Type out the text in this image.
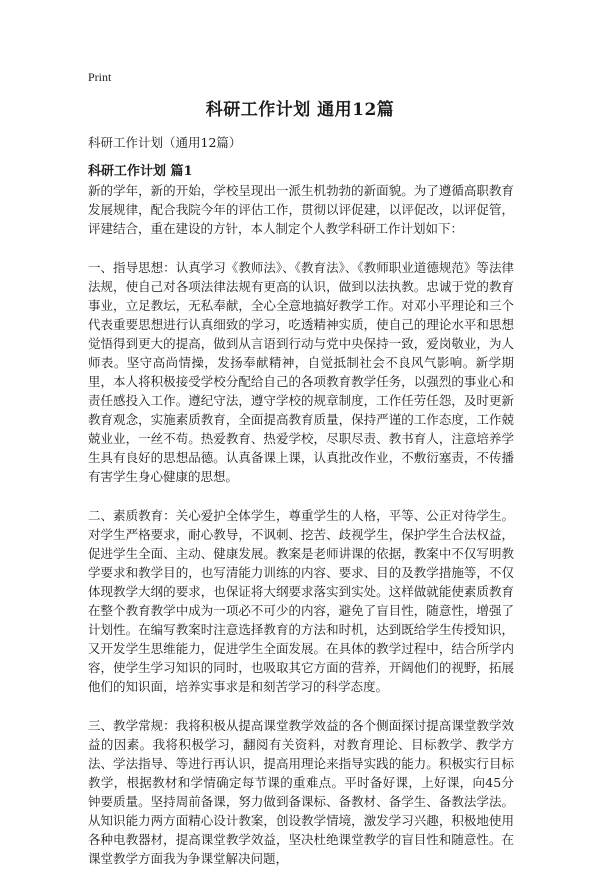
Print
科研工作计划 通用12篇

科研工作计划（通用12篇）

科研工作计划 篇1

新的学年，新的开始，学校呈现出一派生机勃勃的新面貌。为了遵循高职教育发展规律，配合我院今年的评估工作，贯彻以评促建，以评促改，以评促管，评建结合，重在建设的方针，本人制定个人教学科研工作计划如下：

一、指导思想：认真学习《教师法》、《教育法》、《教师职业道德规范》等法律法规，使自己对各项法律法规有更高的认识，做到以法执教。忠诚于党的教育事业，立足教坛，无私奉献，全心全意地搞好教学工作。对邓小平理论和三个代表重要思想进行认真细致的学习，吃透精神实质，使自己的理论水平和思想觉悟得到更大的提高，做到从言语到行动与党中央保持一致，爱岗敬业，为人师表。坚守高尚情操，发扬奉献精神，自觉抵制社会不良风气影响。新学期里，本人将积极接受学校分配给自己的各项教育教学任务，以强烈的事业心和责任感投入工作。遵纪守法，遵守学校的规章制度，工作任劳任怨，及时更新教育观念，实施素质教育，全面提高教育质量，保持严谨的工作态度，工作兢兢业业，一丝不苟。热爱教育、热爱学校，尽职尽责、教书育人，注意培养学生具有良好的思想品德。认真备课上课，认真批改作业，不敷衍塞责，不传播有害学生身心健康的思想。

二、素质教育：关心爱护全体学生，尊重学生的人格，平等、公正对待学生。对学生严格要求，耐心教导，不讽刺、挖苦、歧视学生，保护学生合法权益，促进学生全面、主动、健康发展。教案是老师讲课的依据，教案中不仅写明教学要求和教学目的，也写清能力训练的内容、要求、目的及教学措施等，不仅体现教学大纲的要求，也保证将大纲要求落实到实处。这样做就能使素质教育在整个教育教学中成为一项必不可少的内容，避免了盲目性，随意性，增强了计划性。在编写教案时注意选择教育的方法和时机，达到既给学生传授知识，又开发学生思维能力，促进学生全面发展。在具体的教学过程中，结合所学内容，使学生学习知识的同时，也吸取其它方面的营养，开阔他们的视野，拓展他们的知识面，培养实事求是和刻苦学习的科学态度。

三、教学常规：我将积极从提高课堂教学效益的各个侧面探讨提高课堂教学效益的因素。我将积极学习，翻阅有关资料，对教育理论、目标教学、教学方法、学法指导、等进行再认识，提高用理论来指导实践的能力。积极实行目标教学，根据教材和学情确定每节课的重难点。平时备好课，上好课，向45分钟要质量。坚持周前备课，努力做到备课标、备教材、备学生、备教法学法。从知识能力两方面精心设计教案，创设教学情境，激发学习兴趣，积极地使用各种电教器材，提高课堂教学效益，坚决杜绝课堂教学的盲目性和随意性。在课堂教学方面我为争课堂解决问题，
